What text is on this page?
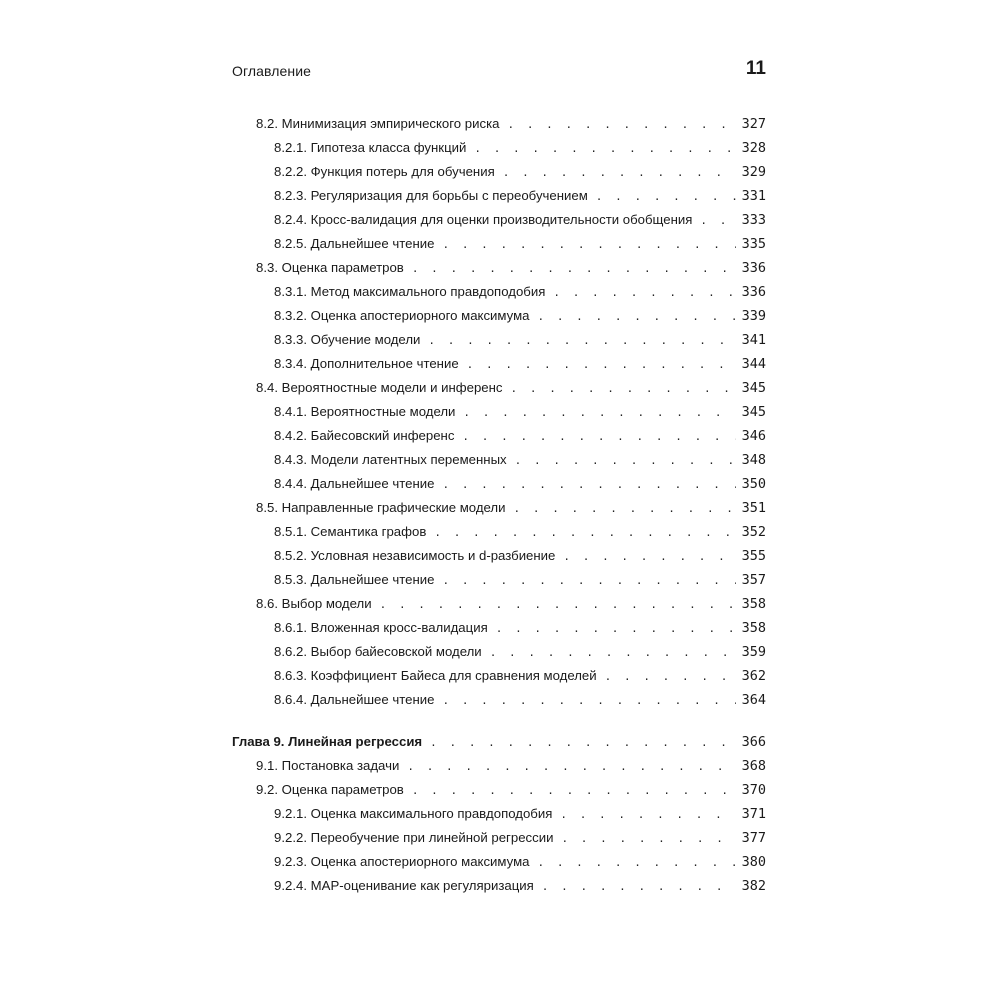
Оглавление	11
8.2. Минимизация эмпирического риска . . .	327
8.2.1. Гипотеза класса функций . . .	328
8.2.2. Функция потерь для обучения . . .	329
8.2.3. Регуляризация для борьбы с переобучением . . .	331
8.2.4. Кросс-валидация для оценки производительности обобщения . . .	333
8.2.5. Дальнейшее чтение . . .	335
8.3. Оценка параметров . . .	336
8.3.1. Метод максимального правдоподобия . . .	336
8.3.2. Оценка апостериорного максимума . . .	339
8.3.3. Обучение модели . . .	341
8.3.4. Дополнительное чтение . . .	344
8.4. Вероятностные модели и инференс . . .	345
8.4.1. Вероятностные модели . . .	345
8.4.2. Байесовский инференс . . .	346
8.4.3. Модели латентных переменных . . .	348
8.4.4. Дальнейшее чтение . . .	350
8.5. Направленные графические модели . . .	351
8.5.1. Семантика графов . . .	352
8.5.2. Условная независимость и d-разбиение . . .	355
8.5.3. Дальнейшее чтение . . .	357
8.6. Выбор модели . . .	358
8.6.1. Вложенная кросс-валидация . . .	358
8.6.2. Выбор байесовской модели . . .	359
8.6.3. Коэффициент Байеса для сравнения моделей . . .	362
8.6.4. Дальнейшее чтение . . .	364
Глава 9. Линейная регрессия . . .	366
9.1. Постановка задачи . . .	368
9.2. Оценка параметров . . .	370
9.2.1. Оценка максимального правдоподобия . . .	371
9.2.2. Переобучение при линейной регрессии . . .	377
9.2.3. Оценка апостериорного максимума . . .	380
9.2.4. MAP-оценивание как регуляризация . . .	382
